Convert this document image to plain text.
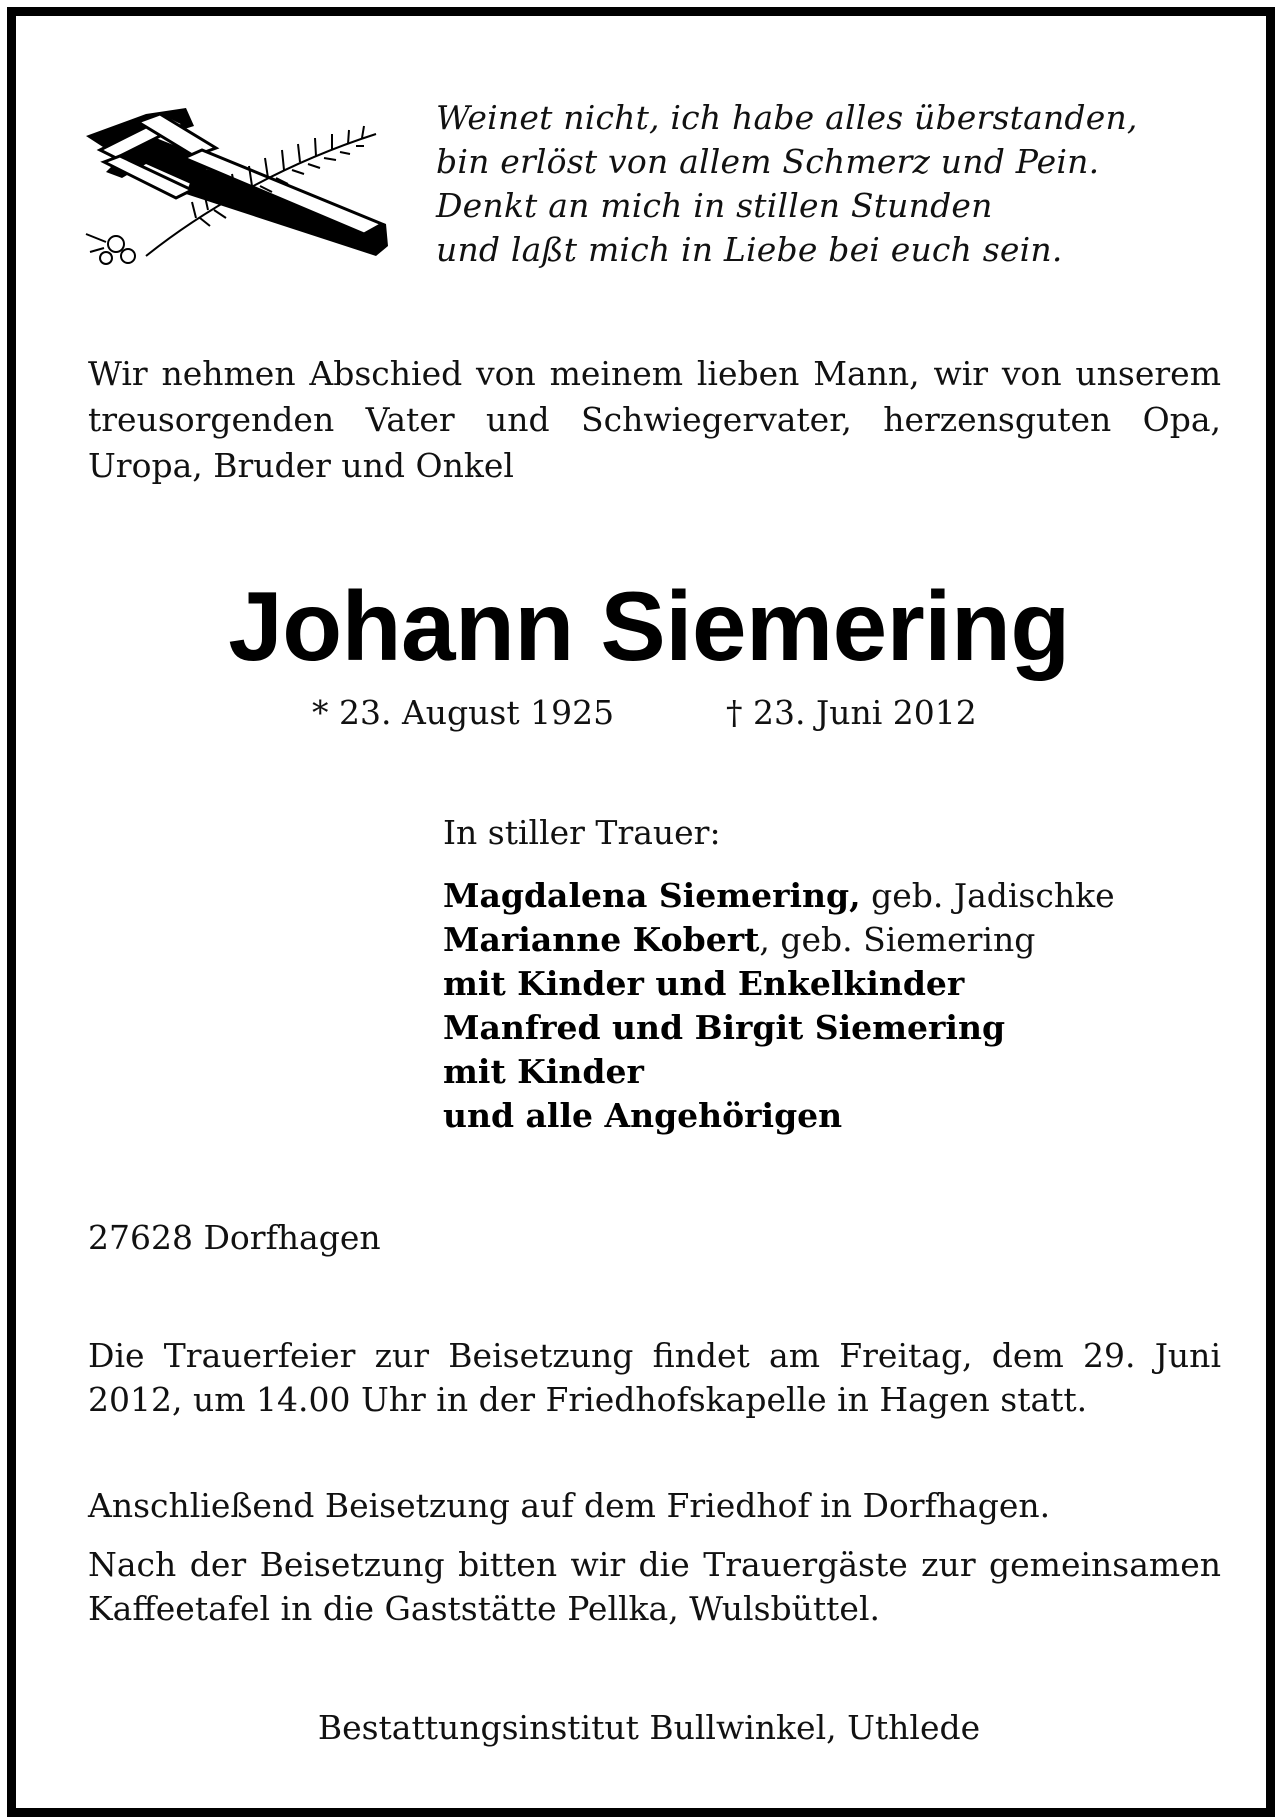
Weinet nicht, ich habe alles überstanden,
bin erlöst von allem Schmerz und Pein.
Denkt an mich in stillen Stunden
und laßt mich in Liebe bei euch sein.
Wir nehmen Abschied von meinem lieben Mann, wir von unserem treusorgenden Vater und Schwiegervater, herzensguten Opa, Uropa, Bruder und Onkel
Johann Siemering
* 23. August 1925	† 23. Juni 2012
In stiller Trauer:
Magdalena Siemering, geb. Jadischke
Marianne Kobert, geb. Siemering
mit Kinder und Enkelkinder
Manfred und Birgit Siemering
mit Kinder
und alle Angehörigen
27628 Dorfhagen
Die Trauerfeier zur Beisetzung findet am Freitag, dem 29. Juni 2012, um 14.00 Uhr in der Friedhofskapelle in Hagen statt.
Anschließend Beisetzung auf dem Friedhof in Dorfhagen.
Nach der Beisetzung bitten wir die Trauergäste zur gemeinsamen Kaffeetafel in die Gaststätte Pellka, Wulsbüttel.
Bestattungsinstitut Bullwinkel, Uthlede
